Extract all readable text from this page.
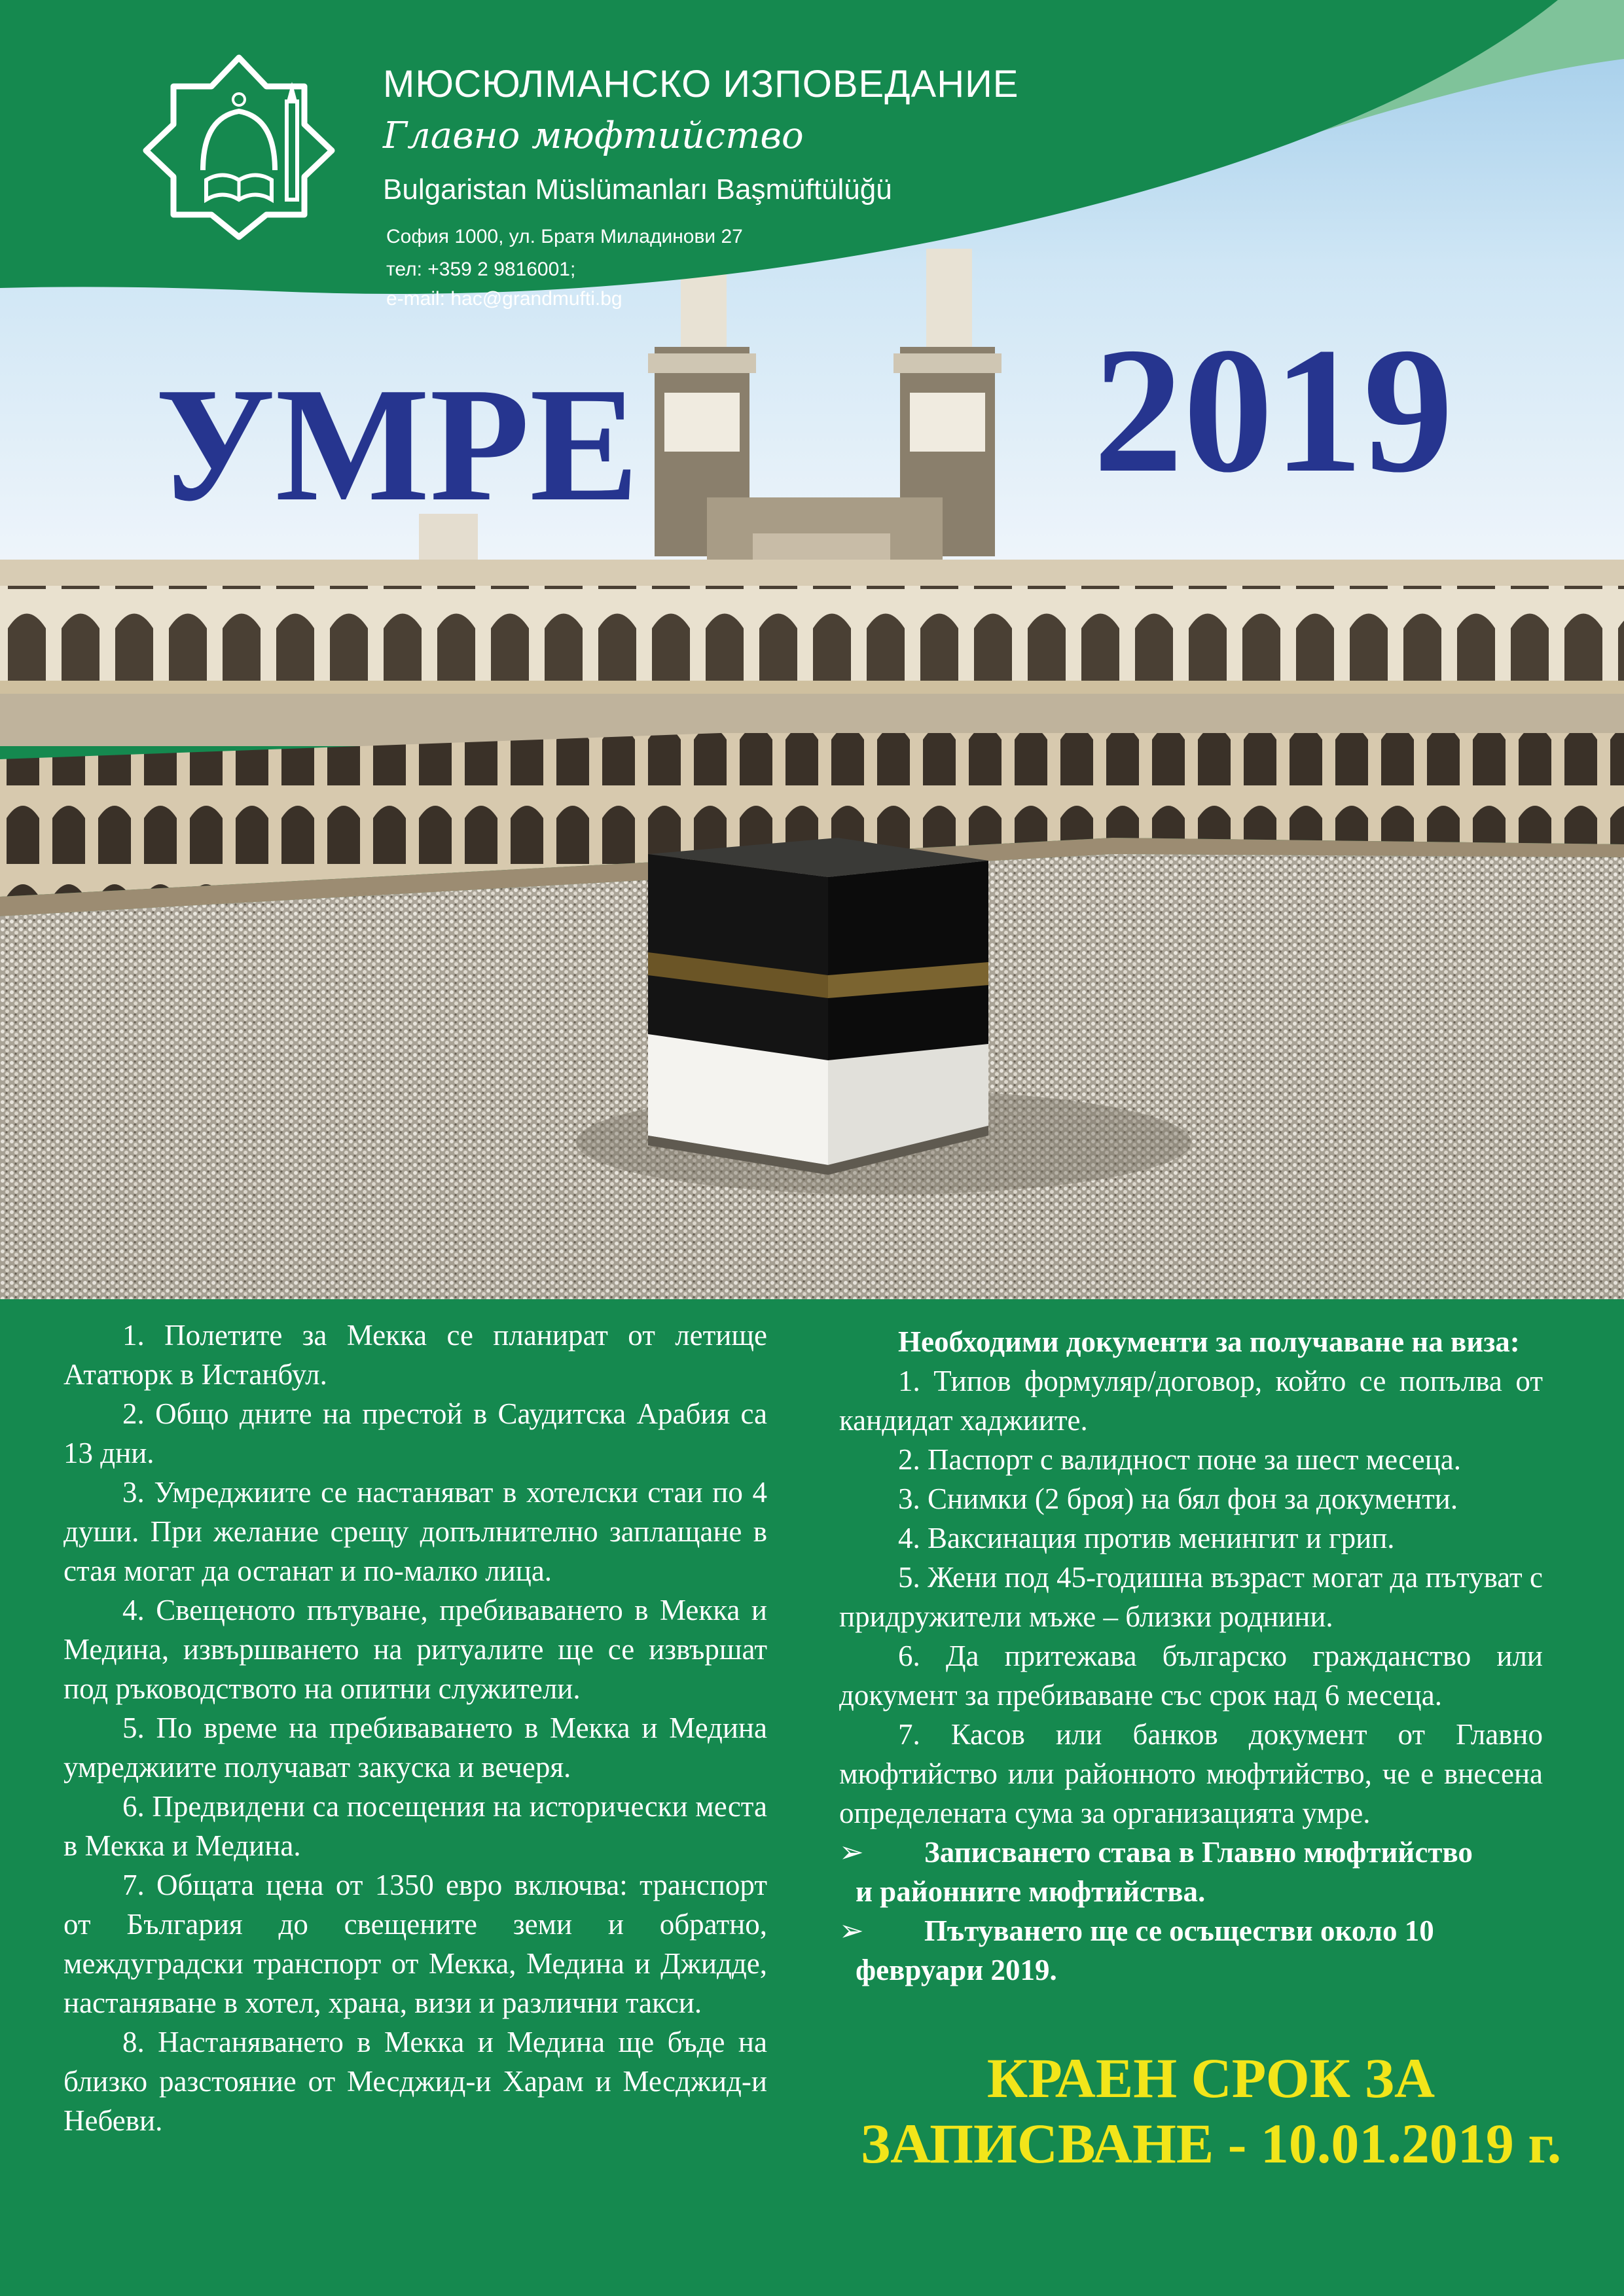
МЮСЮЛМАНСКО ИЗПОВЕДАНИЕ
Главно мюфтийство
Bulgaristan Müslümanları Başmüftülüğü
София 1000, ул. Братя Миладинови 27
тел: +359 2 9816001;
e-mail: hac@grandmufti.bg
УМРЕ	2019

1. Полетите за Мекка се планират от летище Ататюрк в Истанбул.

2. Общо дните на престой в Саудитска Арабия са 13 дни.

3. Умреджиите се настаняват в хотелски стаи по 4 души. При желание срещу допълнително заплащане в стая могат да останат и по-малко лица.

4. Свещеното пътуване, пребиваването в Мекка и Медина, извършването на ритуалите ще се извършат под ръководството на опитни служители.

5. По време на пребиваването в Мекка и Медина умреджиите получават закуска и вечеря.

6. Предвидени са посещения на исторически места в Мекка и Медина.

7. Общата цена от 1350 евро включва: транспорт от България до свещените земи и обратно, междуградски транспорт от Мекка, Медина и Джидде, настаняване в хотел, храна, визи и различни такси.

8. Настаняването в Мекка и Медина ще бъде на близко разстояние от Месджид-и Харам и Месджид-и Небеви.

Необходими документи за получаване на виза:

1. Типов формуляр/договор, който се попълва от кандидат хаджиите.

2. Паспорт с валидност поне за шест месеца.

3. Снимки (2 броя) на бял фон за документи.

4. Ваксинация против менингит и грип.

5. Жени под 45-годишна възраст могат да пътуват с придружители мъже – близки роднини.

6. Да притежава българско гражданство или документ за пребиваване със срок над 6 месеца.

7. Касов или банков документ от Главно мюфтийство или районното мюфтийство, че е внесена определената сума за организацията умре.

➢	Записването става в Главно мюфтийство

и районните мюфтийства.

➢	Пътуването ще се осъществи около 10

февруари 2019.

КРАЕН СРОК ЗА
ЗАПИСВАНЕ - 10.01.2019 г.
